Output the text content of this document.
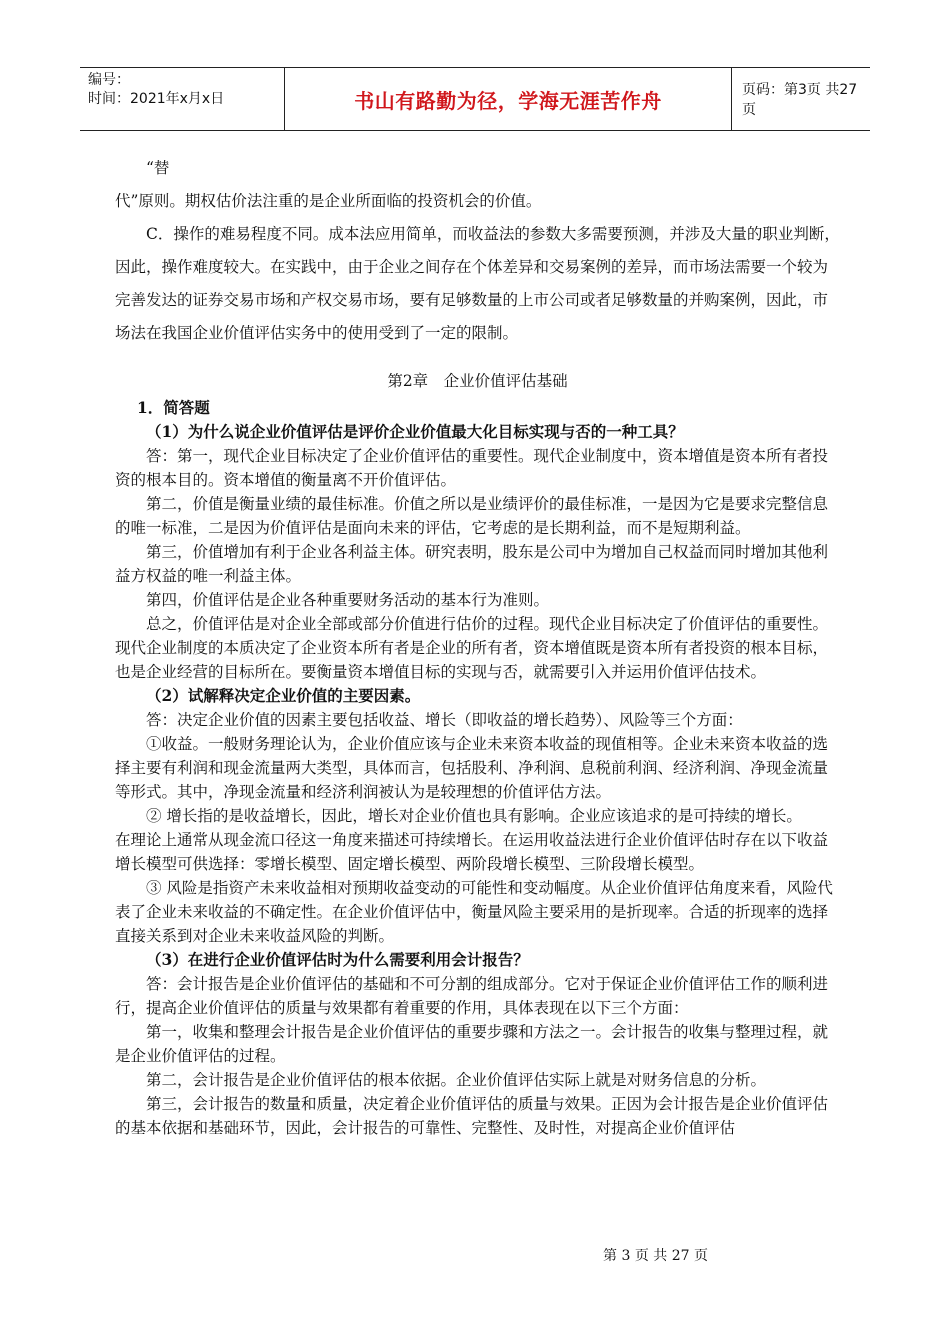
编号：
时间：2021年x月x日	书山有路勤为径，学海无涯苦作舟	页码：第3页 共27页

“替

代”原则。期权估价法注重的是企业所面临的投资机会的价值。

C．操作的难易程度不同。成本法应用简单，而收益法的参数大多需要预测，并涉及大量的职业判断，因此，操作难度较大。在实践中，由于企业之间存在个体差异和交易案例的差异，而市场法需要一个较为完善发达的证券交易市场和产权交易市场，要有足够数量的上市公司或者足够数量的并购案例，因此，市场法在我国企业价值评估实务中的使用受到了一定的限制。

第2章　企业价值评估基础

1．简答题

（1）为什么说企业价值评估是评价企业价值最大化目标实现与否的一种工具？

答：第一，现代企业目标决定了企业价值评估的重要性。现代企业制度中，资本增值是资本所有者投资的根本目的。资本增值的衡量离不开价值评估。

第二，价值是衡量业绩的最佳标准。价值之所以是业绩评价的最佳标准，一是因为它是要求完整信息的唯一标准，二是因为价值评估是面向未来的评估，它考虑的是长期利益，而不是短期利益。

第三，价值增加有利于企业各利益主体。研究表明，股东是公司中为增加自己权益而同时增加其他利益方权益的唯一利益主体。

第四，价值评估是企业各种重要财务活动的基本行为准则。

总之，价值评估是对企业全部或部分价值进行估价的过程。现代企业目标决定了价值评估的重要性。现代企业制度的本质决定了企业资本所有者是企业的所有者，资本增值既是资本所有者投资的根本目标，也是企业经营的目标所在。要衡量资本增值目标的实现与否，就需要引入并运用价值评估技术。

（2）试解释决定企业价值的主要因素。

答：决定企业价值的因素主要包括收益、增长（即收益的增长趋势）、风险等三个方面：

①收益。一般财务理论认为，企业价值应该与企业未来资本收益的现值相等。企业未来资本收益的选择主要有利润和现金流量两大类型，具体而言，包括股利、净利润、息税前利润、经济利润、净现金流量等形式。其中，净现金流量和经济利润被认为是较理想的价值评估方法。

② 增长指的是收益增长，因此，增长对企业价值也具有影响。企业应该追求的是可持续的增长。

在理论上通常从现金流口径这一角度来描述可持续增长。在运用收益法进行企业价值评估时存在以下收益增长模型可供选择：零增长模型、固定增长模型、两阶段增长模型、三阶段增长模型。

③ 风险是指资产未来收益相对预期收益变动的可能性和变动幅度。从企业价值评估角度来看，风险代表了企业未来收益的不确定性。在企业价值评估中，衡量风险主要采用的是折现率。合适的折现率的选择直接关系到对企业未来收益风险的判断。

（3）在进行企业价值评估时为什么需要利用会计报告？

答：会计报告是企业价值评估的基础和不可分割的组成部分。它对于保证企业价值评估工作的顺利进行，提高企业价值评估的质量与效果都有着重要的作用，具体表现在以下三个方面：

第一，收集和整理会计报告是企业价值评估的重要步骤和方法之一。会计报告的收集与整理过程，就是企业价值评估的过程。

第二，会计报告是企业价值评估的根本依据。企业价值评估实际上就是对财务信息的分析。

第三，会计报告的数量和质量，决定着企业价值评估的质量与效果。正因为会计报告是企业价值评估的基本依据和基础环节，因此，会计报告的可靠性、完整性、及时性，对提高企业价值评估

第 3 页 共 27 页
